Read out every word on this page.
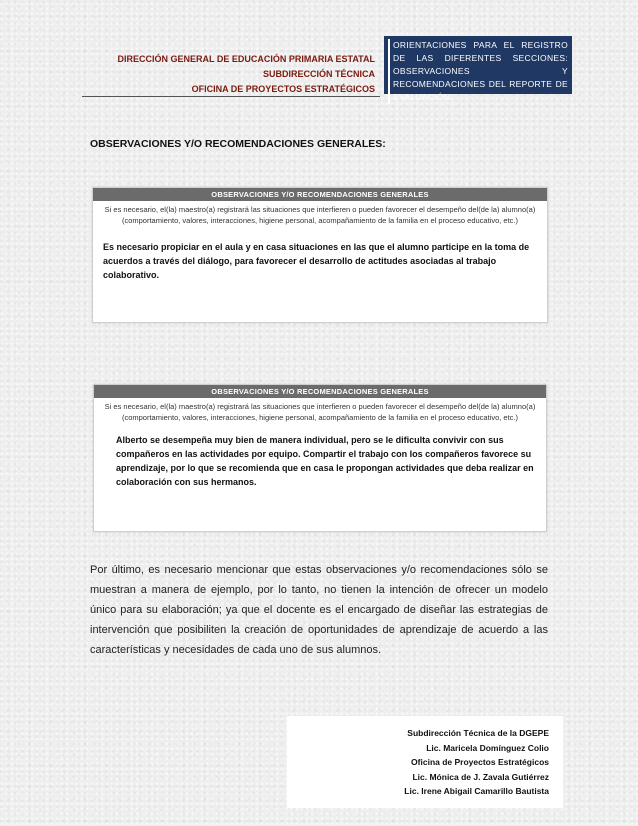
DIRECCIÓN GENERAL DE EDUCACIÓN PRIMARIA ESTATAL
SUBDIRECCIÓN TÉCNICA
OFICINA DE PROYECTOS ESTRATÉGICOS
ORIENTACIONES PARA EL REGISTRO DE LAS DIFERENTES SECCIONES: OBSERVACIONES Y RECOMENDACIONES DEL REPORTE DE EVALUACIÓN.
OBSERVACIONES Y/O RECOMENDACIONES GENERALES:
OBSERVACIONES Y/O RECOMENDACIONES GENERALES
Si es necesario, el(la) maestro(a) registrará las situaciones que interfieren o pueden favorecer el desempeño del(de la) alumno(a)
(comportamiento, valores, interacciones, higiene personal, acompañamiento de la familia en el proceso educativo, etc.)
Es necesario propiciar en el aula y en casa situaciones en las que el alumno participe en la toma de acuerdos a través del diálogo, para favorecer el desarrollo de actitudes asociadas al trabajo colaborativo.
OBSERVACIONES Y/O RECOMENDACIONES GENERALES
Si es necesario, el(la) maestro(a) registrará las situaciones que interfieren o pueden favorecer el desempeño del(de la) alumno(a)
(comportamiento, valores, interacciones, higiene personal, acompañamiento de la familia en el proceso educativo, etc.)
Alberto se desempeña muy bien de manera individual, pero se le dificulta convivir con sus compañeros en las actividades por equipo. Compartir el trabajo con los compañeros favorece su aprendizaje, por lo que se recomienda que en casa le propongan actividades que deba realizar en colaboración con sus hermanos.
Por último, es necesario mencionar que estas observaciones y/o recomendaciones sólo se muestran a manera de ejemplo, por lo tanto, no tienen la intención de ofrecer un modelo único para su elaboración; ya que el docente es el encargado de diseñar las estrategias de intervención que posibiliten la creación de oportunidades de aprendizaje de acuerdo a las características y necesidades de cada uno de sus alumnos.
Subdirección Técnica de la DGEPE
Lic. Maricela Domínguez Colio
Oficina de Proyectos Estratégicos
Lic. Mónica de J. Zavala Gutiérrez
Lic. Irene Abigail Camarillo Bautista
